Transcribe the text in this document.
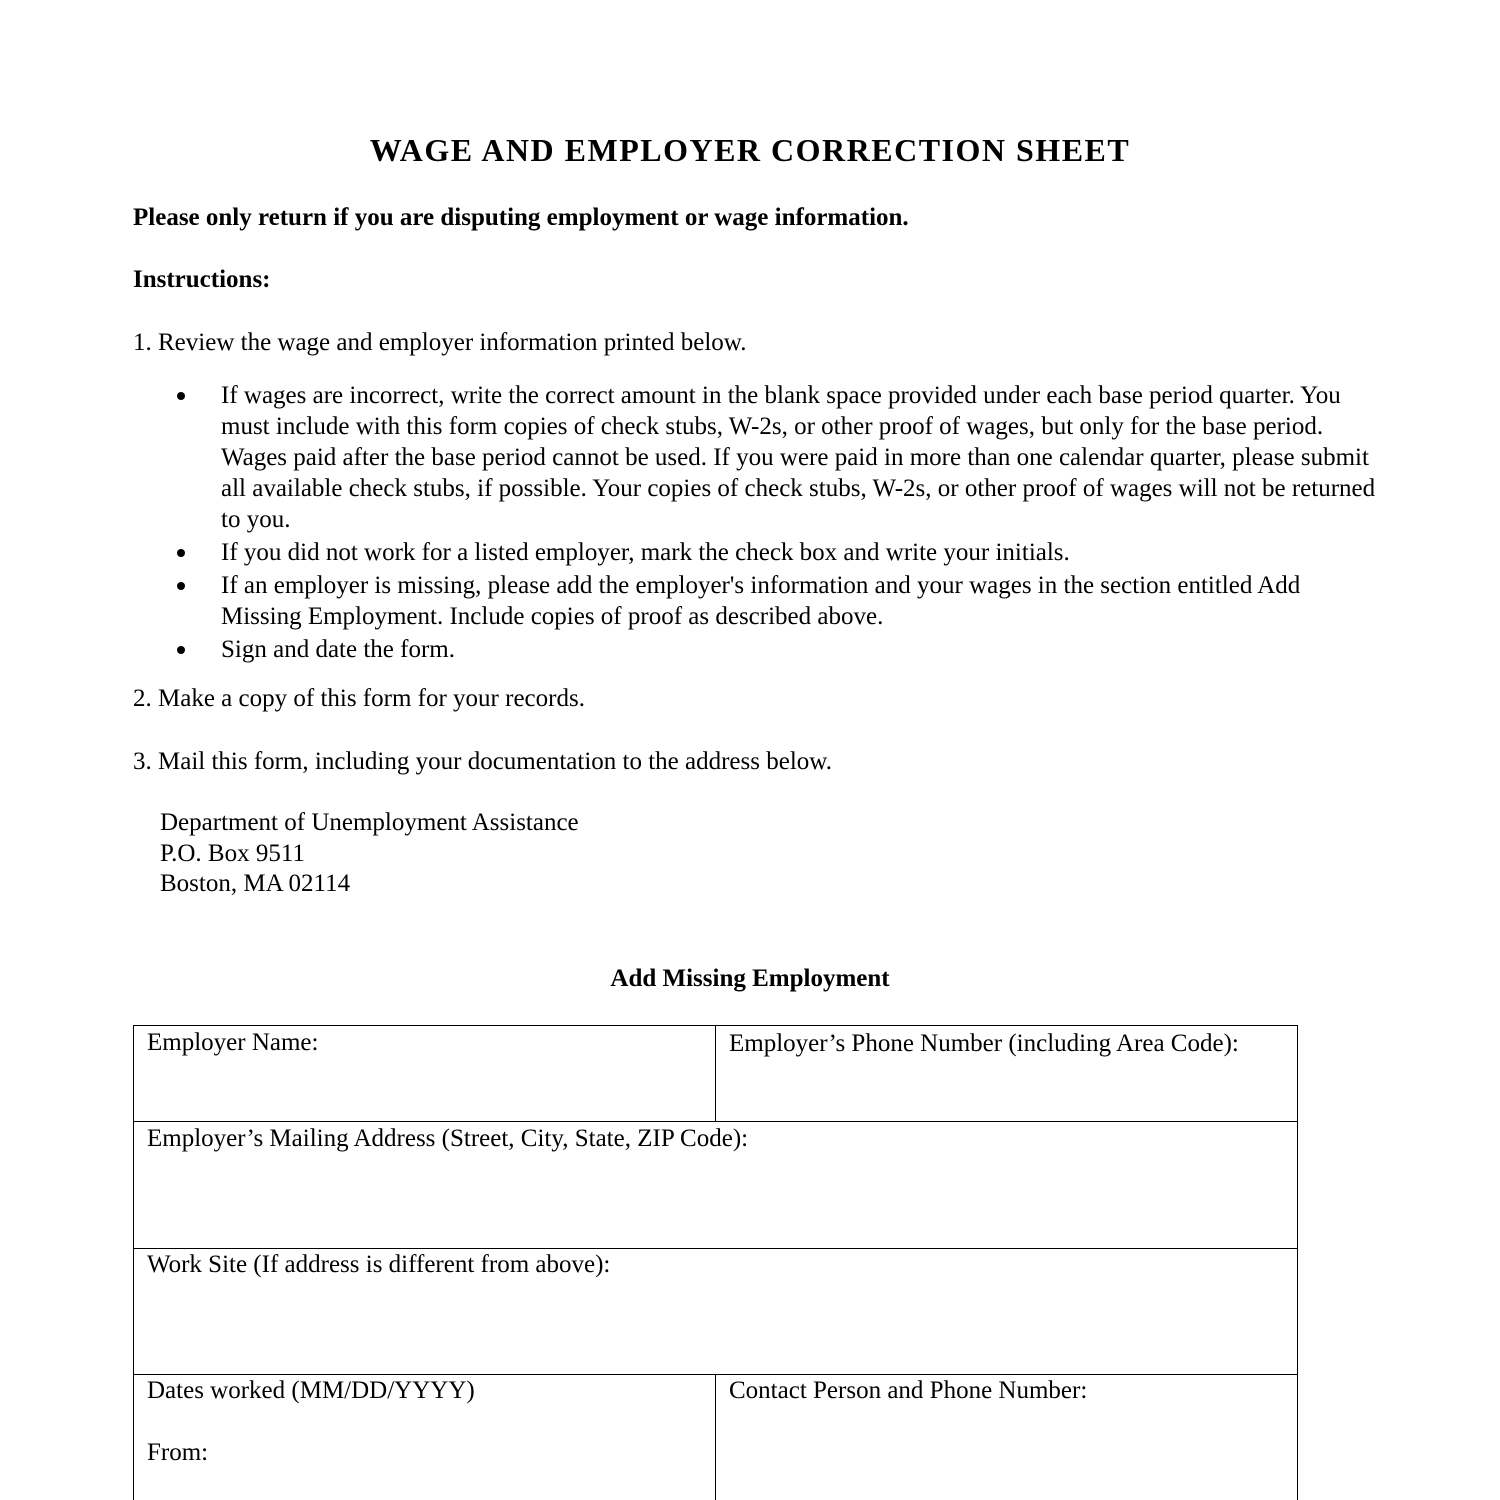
WAGE AND EMPLOYER CORRECTION SHEET
Please only return if you are disputing employment or wage information.
Instructions:
1. Review the wage and employer information printed below.
If wages are incorrect, write the correct amount in the blank space provided under each base period quarter. You must include with this form copies of check stubs, W-2s, or other proof of wages, but only for the base period. Wages paid after the base period cannot be used. If you were paid in more than one calendar quarter, please submit all available check stubs, if possible. Your copies of check stubs, W-2s, or other proof of wages will not be returned to you.
If you did not work for a listed employer, mark the check box and write your initials.
If an employer is missing, please add the employer's information and your wages in the section entitled Add Missing Employment. Include copies of proof as described above.
Sign and date the form.
2. Make a copy of this form for your records.
3. Mail this form, including your documentation to the address below.
Department of Unemployment Assistance
P.O. Box 9511
Boston, MA 02114
Add Missing Employment
Employer Name:	Employer’s Phone Number (including Area Code):
Employer’s Mailing Address (Street, City, State, ZIP Code):
Work Site (If address is different from above):
Dates worked (MM/DD/YYYY)
From:
Contact Person and Phone Number:
